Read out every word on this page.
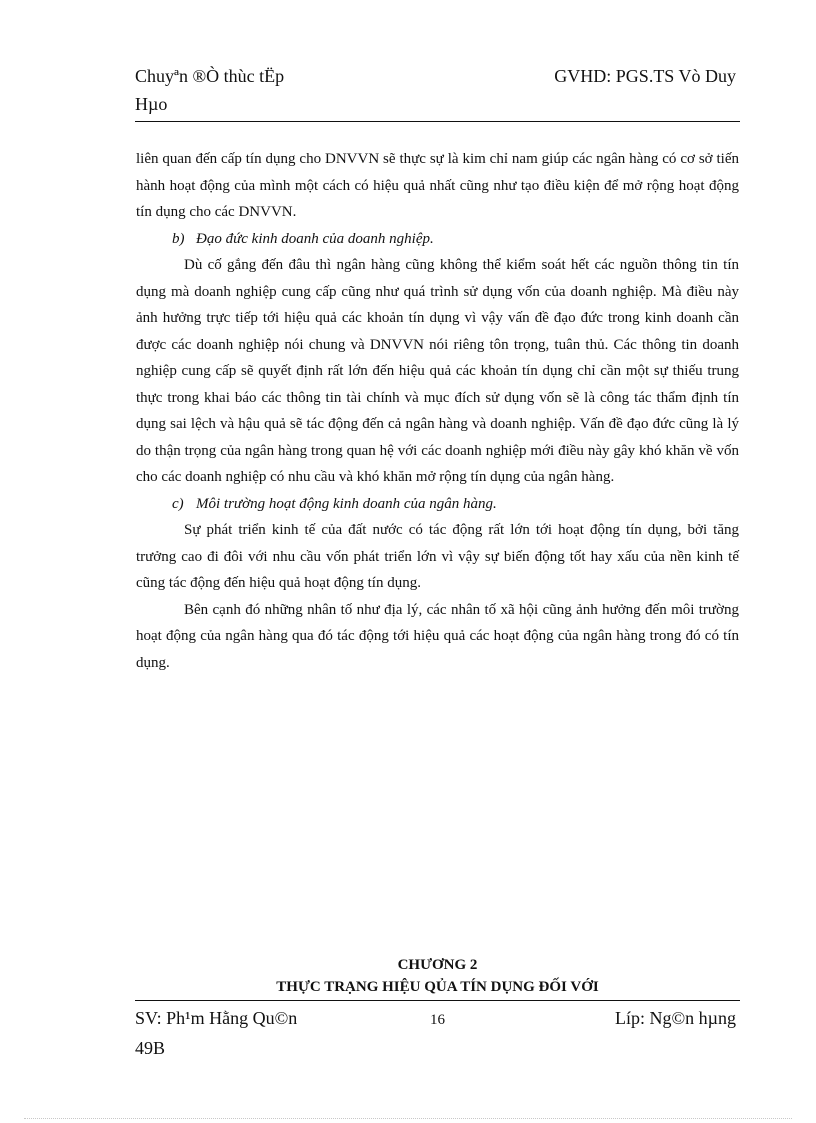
Chuyªn ®Ò thùc tËp
Hµo
GVHD: PGS.TS Vò Duy

liên quan đến cấp tín dụng cho DNVVN sẽ thực sự là kim chỉ nam giúp các ngân hàng có cơ sở tiến hành hoạt động của mình một cách có hiệu quả nhất cũng như tạo điều kiện để mở rộng hoạt động tín dụng cho các DNVVN.

b) Đạo đức kinh doanh của doanh nghiệp.

Dù cố gắng đến đâu thì ngân hàng cũng không thể kiểm soát hết các nguồn thông tin tín dụng mà doanh nghiệp cung cấp cũng như quá trình sử dụng vốn của doanh nghiệp. Mà điều này ảnh hưởng trực tiếp tới hiệu quả các khoản tín dụng vì vậy vấn đề đạo đức trong kinh doanh cần được các doanh nghiệp nói chung và DNVVN nói riêng tôn trọng, tuân thủ. Các thông tin doanh nghiệp cung cấp sẽ quyết định rất lớn đến hiệu quả các khoản tín dụng chỉ cần một sự thiếu trung thực trong khai báo các thông tin tài chính và mục đích sử dụng vốn sẽ là công tác thẩm định tín dụng sai lệch và hậu quả sẽ tác động đến cả ngân hàng và doanh nghiệp. Vấn đề đạo đức cũng là lý do thận trọng của ngân hàng trong quan hệ với các doanh nghiệp mới điều này gây khó khăn về vốn cho các doanh nghiệp có nhu cầu và khó khăn mở rộng tín dụng của ngân hàng.

c) Môi trường hoạt động kinh doanh của ngân hàng.

Sự phát triển kinh tế của đất nước có tác động rất lớn tới hoạt động tín dụng, bởi tăng trưởng cao đi đôi với nhu cầu vốn phát triển lớn vì vậy sự biến động tốt hay xấu của nền kinh tế cũng tác động đến hiệu quả hoạt động tín dụng.

Bên cạnh đó những nhân tố như địa lý, các nhân tố xã hội cũng ảnh hưởng đến môi trường hoạt động của ngân hàng qua đó tác động tới hiệu quả các hoạt động của ngân hàng trong đó có tín dụng.

CHƯƠNG 2
THỰC TRẠNG HIỆU QỦA TÍN DỤNG ĐỐI VỚI
SV: Ph¹m Hằng Qu©n
49B
16	Líp: Ng©n hµng
